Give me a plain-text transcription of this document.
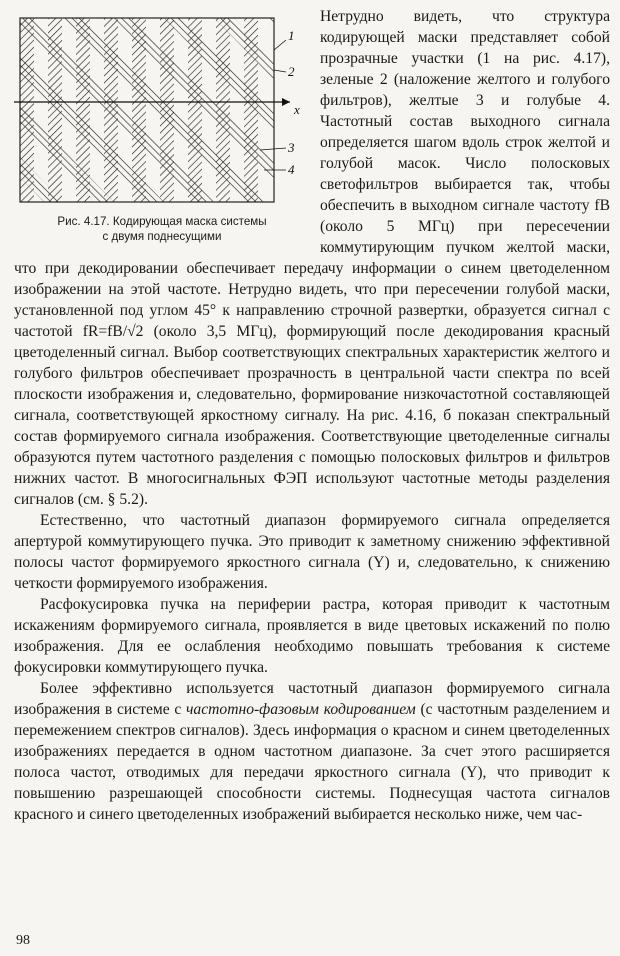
1
2
x
3
4
Рис. 4.17. Кодирующая маска системы
с двумя поднесущими

Нетрудно видеть, что структура кодирующей маски представляет собой прозрачные участки (1 на рис. 4.17), зеленые 2 (наложение желтого и голубого фильтров), желтые 3 и голубые 4. Частотный состав выходного сигнала определяется шагом вдоль строк желтой и голубой масок. Число полосковых светофильтров выбирается так, чтобы обеспечить в выходном сигнале частоту fB (около 5 МГц) при пересечении коммутирующим пучком желтой маски, что при декодировании обеспечивает передачу информации о синем цветоделенном изображении на этой частоте. Нетрудно видеть, что при пересечении голубой маски, установленной под углом 45° к направлению строчной развертки, образуется сигнал с частотой fR=fB/√2 (около 3,5 МГц), формирующий после декодирования красный цветоделенный сигнал. Выбор соответствующих спектральных характеристик желтого и голубого фильтров обеспечивает прозрачность в центральной части спектра по всей плоскости изображения и, следовательно, формирование низкочастотной составляющей сигнала, соответствующей яркостному сигналу. На рис. 4.16, б показан спектральный состав формируемого сигнала изображения. Соответствующие цветоделенные сигналы образуются путем частотного разделения с помощью полосковых фильтров и фильтров нижних частот. В многосигнальных ФЭП используют частотные методы разделения сигналов (см. § 5.2).

Естественно, что частотный диапазон формируемого сигнала определяется апертурой коммутирующего пучка. Это приводит к заметному снижению эффективной полосы частот формируемого яркостного сигнала (Y) и, следовательно, к снижению четкости формируемого изображения.

Расфокусировка пучка на периферии растра, которая приводит к частотным искажениям формируемого сигнала, проявляется в виде цветовых искажений по полю изображения. Для ее ослабления необходимо повышать требования к системе фокусировки коммутирующего пучка.

Более эффективно используется частотный диапазон формируемого сигнала изображения в системе с частотно-фазовым кодированием (с частотным разделением и перемежением спектров сигналов). Здесь информация о красном и синем цветоделенных изображениях передается в одном частотном диапазоне. За счет этого расширяется полоса частот, отводимых для передачи яркостного сигнала (Y), что приводит к повышению разрешающей способности системы. Поднесущая частота сигналов красного и синего цветоделенных изображений выбирается несколько ниже, чем час-

98
